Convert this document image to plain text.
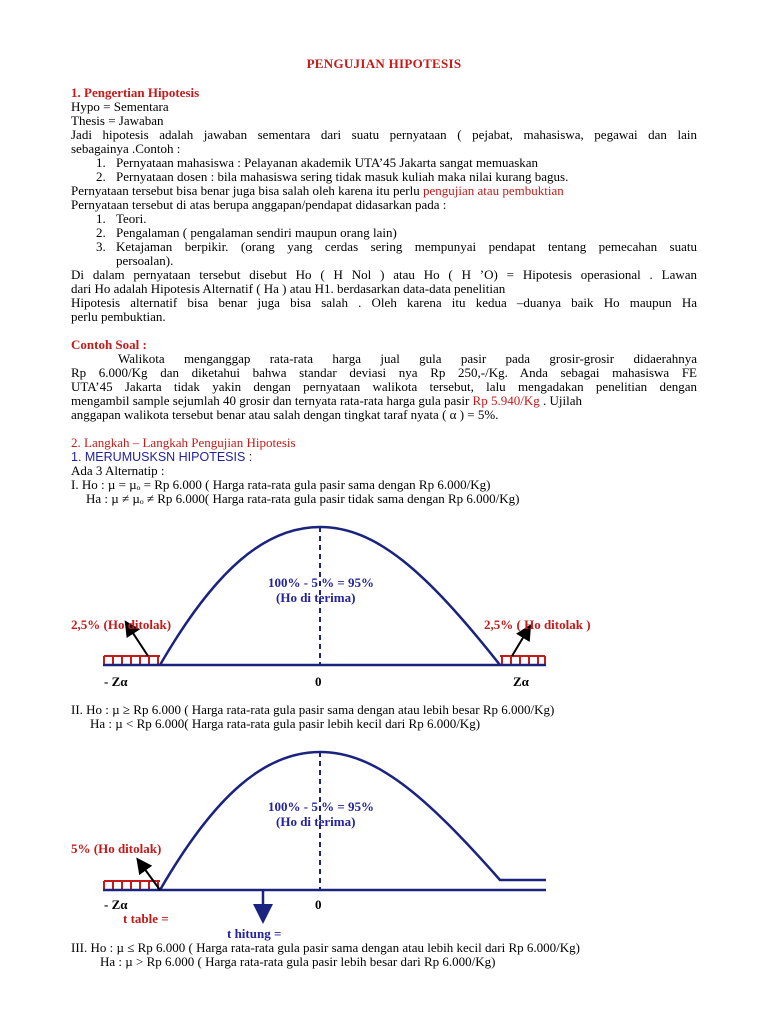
PENGUJIAN HIPOTESIS
1. Pengertian Hipotesis
Hypo = Sementara
Thesis = Jawaban
Jadi hipotesis adalah jawaban sementara dari suatu pernyataan ( pejabat, mahasiswa, pegawai dan lain
sebagainya .Contoh :
1. Pernyataan mahasiswa : Pelayanan akademik UTA’45 Jakarta sangat memuaskan
2. Pernyataan dosen : bila mahasiswa sering tidak masuk kuliah maka nilai kurang bagus.
Pernyataan tersebut bisa benar juga bisa salah oleh karena itu perlu pengujian atau pembuktian
Pernyataan tersebut di atas berupa anggapan/pendapat didasarkan pada :
1. Teori.
2. Pengalaman ( pengalaman sendiri maupun orang lain)
3. Ketajaman berpikir. (orang yang cerdas sering mempunyai pendapat tentang pemecahan suatu
persoalan).
Di dalam pernyataan tersebut disebut Ho ( H Nol ) atau Ho ( H ’O) = Hipotesis operasional . Lawan
dari Ho adalah Hipotesis Alternatif ( Ha ) atau H1. berdasarkan data-data penelitian
Hipotesis alternatif bisa benar juga bisa salah . Oleh karena itu kedua –duanya baik Ho maupun Ha
perlu pembuktian.
Contoh Soal :
Walikota menganggap rata-rata harga jual gula pasir pada grosir-grosir didaerahnya
Rp 6.000/Kg dan diketahui bahwa standar deviasi nya Rp 250,-/Kg. Anda sebagai mahasiswa FE
UTA’45 Jakarta tidak yakin dengan pernyataan walikota tersebut, lalu mengadakan penelitian dengan
mengambil sample sejumlah 40 grosir dan ternyata rata-rata harga gula pasir Rp 5.940/Kg . Ujilah
anggapan walikota tersebut benar atau salah dengan tingkat taraf nyata ( α ) = 5%.
2. Langkah – Langkah Pengujian Hipotesis
1. MERUMUSKSN HIPOTESIS :
Ada 3 Alternatip :
I. Ho : µ = µₒ = Rp 6.000 ( Harga rata-rata gula pasir sama dengan Rp 6.000/Kg)
Ha : µ ≠ µₒ ≠ Rp 6.000( Harga rata-rata gula pasir tidak sama dengan Rp 6.000/Kg)
100% - 5 % = 95%
(Ho di terima)
2,5% (Ho ditolak)	2,5% ( Ho ditolak )
- Zα	0	Zα
II. Ho : µ ≥ Rp 6.000 ( Harga rata-rata gula pasir sama dengan atau lebih besar Rp 6.000/Kg)
Ha : µ < Rp 6.000( Harga rata-rata gula pasir lebih kecil dari Rp 6.000/Kg)
100% - 5 % = 95%
(Ho di terima)
5% (Ho ditolak)
- Zα	0
t table =
t hitung =
III. Ho : µ ≤ Rp 6.000 ( Harga rata-rata gula pasir sama dengan atau lebih kecil dari Rp 6.000/Kg)
Ha : µ > Rp 6.000 ( Harga rata-rata gula pasir lebih besar dari Rp 6.000/Kg)
